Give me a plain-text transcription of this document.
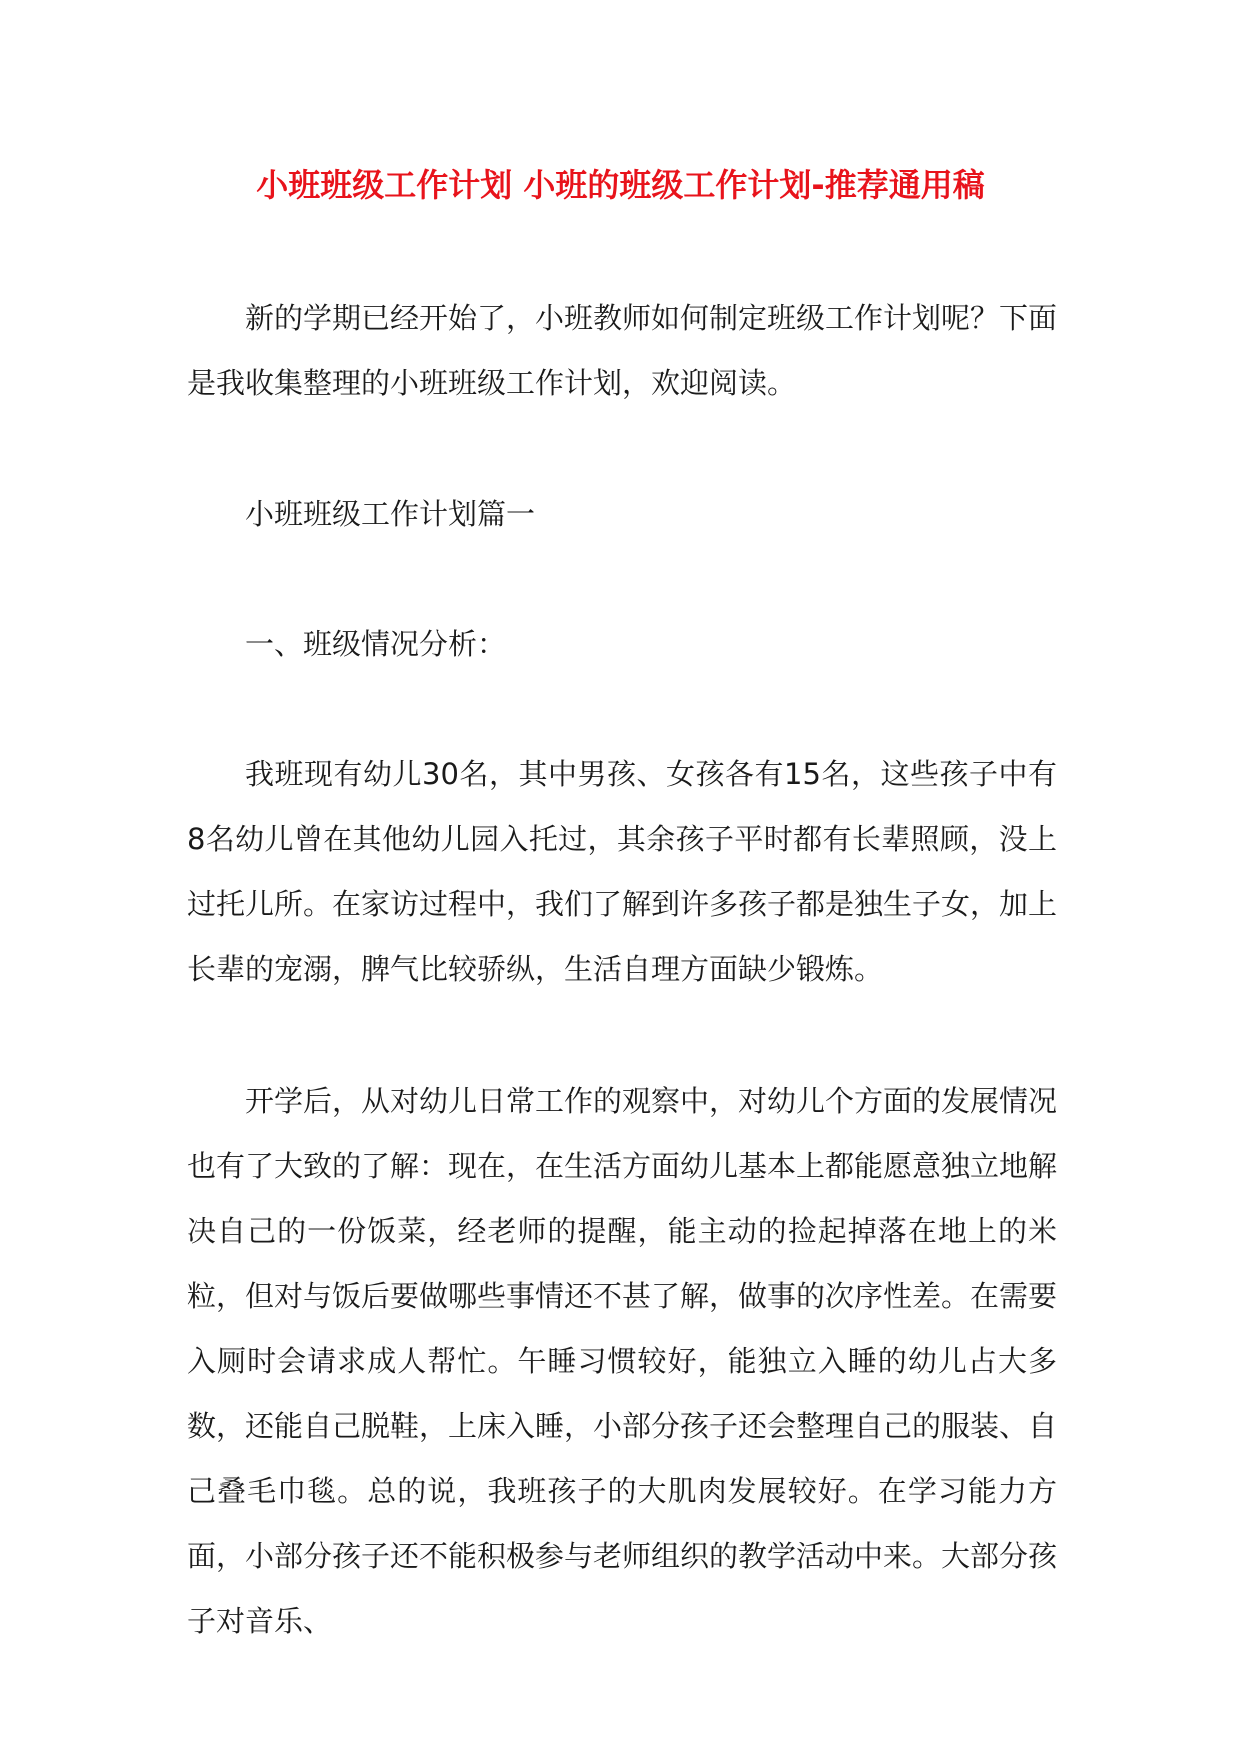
小班班级工作计划 小班的班级工作计划-推荐通用稿

新的学期已经开始了，小班教师如何制定班级工作计划呢？下面是我收集整理的小班班级工作计划，欢迎阅读。

小班班级工作计划篇一

一、班级情况分析：

我班现有幼儿30名，其中男孩、女孩各有15名，这些孩子中有8名幼儿曾在其他幼儿园入托过，其余孩子平时都有长辈照顾，没上过托儿所。在家访过程中，我们了解到许多孩子都是独生子女，加上长辈的宠溺，脾气比较骄纵，生活自理方面缺少锻炼。

开学后，从对幼儿日常工作的观察中，对幼儿个方面的发展情况也有了大致的了解：现在，在生活方面幼儿基本上都能愿意独立地解决自己的一份饭菜，经老师的提醒，能主动的捡起掉落在地上的米粒，但对与饭后要做哪些事情还不甚了解，做事的次序性差。在需要入厕时会请求成人帮忙。午睡习惯较好，能独立入睡的幼儿占大多数，还能自己脱鞋，上床入睡，小部分孩子还会整理自己的服装、自己叠毛巾毯。总的说，我班孩子的大肌肉发展较好。在学习能力方面，小部分孩子还不能积极参与老师组织的教学活动中来。大部分孩子对音乐、
